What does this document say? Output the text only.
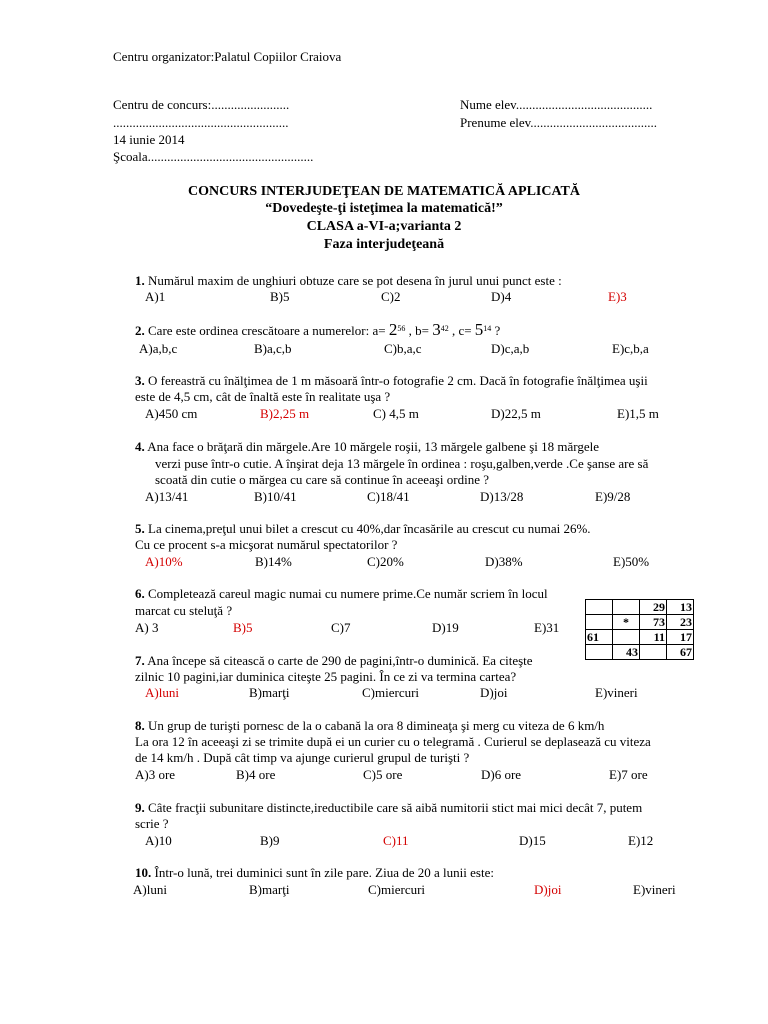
Centru organizator:Palatul Copiilor Craiova
Centru de concurs:........................
......................................................
14 iunie 2014
Şcoala...................................................
Nume elev..........................................
Prenume elev.......................................
CONCURS INTERJUDEŢEAN DE MATEMATICĂ APLICATĂ
“Dovedeşte-ţi isteţimea la matematică!”
CLASA a-VI-a;varianta 2
Faza interjudeţeană
1. Numărul maxim de unghiuri obtuze care se pot desena în jurul unui punct este :
A)1	B)5	C)2	D)4	E)3
2. Care este ordinea crescătoare a numerelor: $a= 2^{56}$ , $b= 3^{42}$ , $c= 5^{14}$ ?
A)a,b,c	B)a,c,b	C)b,a,c	D)c,a,b	E)c,b,a
3. O fereastră cu înălţimea de 1 m măsoară într-o fotografie 2 cm. Dacă în fotografie înălţimea uşii
este de 4,5 cm, cât de înaltă este în realitate uşa ?
A)450 cm	B)2,25 m	C) 4,5 m	D)22,5 m	E)1,5 m
4. Ana face o brăţară din mărgele.Are 10 mărgele roşii, 13 mărgele galbene şi 18 mărgele
verzi puse într-o cutie. A înşirat deja 13 mărgele în ordinea : roşu,galben,verde .Ce şanse are să
scoată din cutie o mărgea cu care să continue în aceeaşi ordine ?
A)13/41	B)10/41	C)18/41	D)13/28	E)9/28
5. La cinema,preţul unui bilet a crescut cu 40%,dar încasările au crescut cu numai 26%.
Cu ce procent s-a micşorat numărul spectatorilor ?
A)10%	B)14%	C)20%	D)38%	E)50%
6. Completează careul magic numai cu numere prime.Ce număr scriem în locul
marcat cu steluţă ?
A) 3	B)5	C)7	D)19	E)31
		29	13
	*	73	23
61		11	17
	43		67
7. Ana începe să citească o carte de 290 de pagini,într-o duminică. Ea citeşte
zilnic 10 pagini,iar duminica citeşte 25 pagini. În ce zi va termina cartea?
A)luni	B)marţi	C)miercuri	D)joi	E)vineri
8. Un grup de turişti pornesc de la o cabană la ora 8 dimineaţa şi merg cu viteza de 6 km/h
La ora 12 în aceeaşi zi se trimite după ei un curier cu o telegramă . Curierul se deplasează cu viteza
de 14 km/h . După cât timp va ajunge curierul grupul de turişti ?
A)3 ore	B)4 ore	C)5 ore	D)6 ore	E)7 ore
9. Câte fracţii subunitare distincte,ireductibile care să aibă numitorii stict mai mici decât 7, putem
scrie ?
A)10	B)9	C)11	D)15	E)12
10. Într-o lună, trei duminici sunt în zile pare. Ziua de 20 a lunii este:
A)luni	B)marţi	C)miercuri	D)joi	E)vineri
